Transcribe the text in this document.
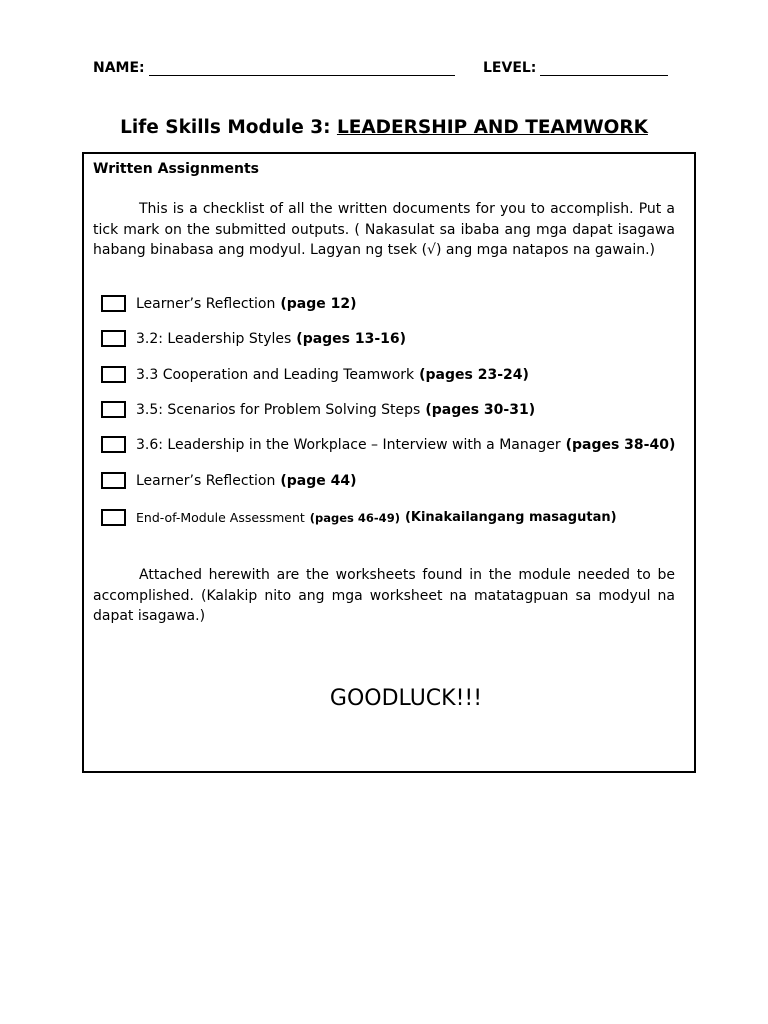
NAME:	LEVEL:
Life Skills Module 3: LEADERSHIP AND TEAMWORK
Written Assignments
This is a checklist of all the written documents for you to accomplish. Put a tick mark on the submitted outputs. ( Nakasulat sa ibaba ang mga dapat isagawa habang binabasa ang modyul. Lagyan ng tsek (√) ang mga natapos na gawain.)
Learner’s Reflection (page 12)
3.2: Leadership Styles (pages 13-16)
3.3 Cooperation and Leading Teamwork (pages 23-24)
3.5: Scenarios for Problem Solving Steps (pages 30-31)
3.6: Leadership in the Workplace – Interview with a Manager (pages 38-40)
Learner’s Reflection (page 44)
End-of-Module Assessment (pages 46-49) (Kinakailangang masagutan)
Attached herewith are the worksheets found in the module needed to be accomplished. (Kalakip nito ang mga worksheet na matatagpuan sa modyul na dapat isagawa.)
GOODLUCK!!!
